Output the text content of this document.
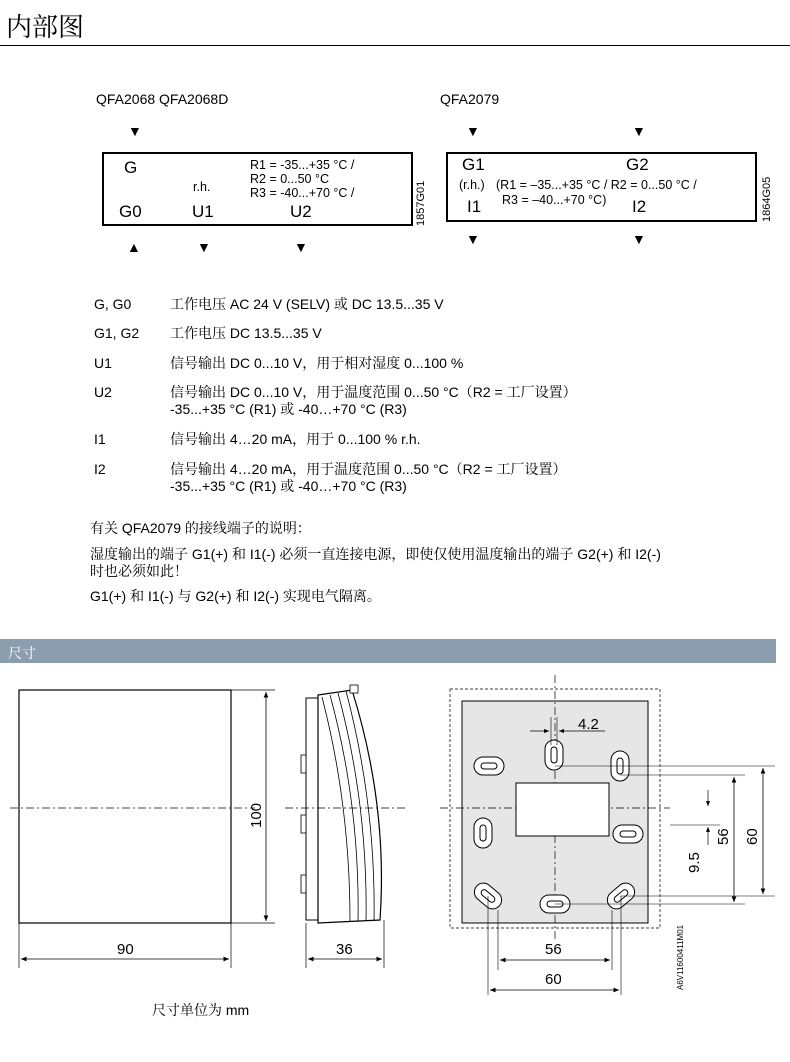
内部图
QFA2068 QFA2068D
▼
G
r.h.
R1 = -35...+35 °C /
R2 = 0...50 °C
R3 = -40...+70 °C /
G0	U1	U2	1857G01
▲	▼	▼
QFA2079
▼	▼
G1	G2
(r.h.) (R1 = –35...+35 °C / R2 = 0...50 °C /
R3 = –40...+70 °C)
I1	I2	1864G05
▼	▼
G, G0	工作电压 AC 24 V (SELV) 或 DC 13.5...35 V
G1, G2 工作电压 DC 13.5...35 V
U1	信号输出 DC 0...10 V，用于相对湿度 0...100 %
U2	信号输出 DC 0...10 V，用于温度范围 0...50 °C（R2 = 工厂设置）
-35...+35 °C (R1) 或 -40…+70 °C (R3)
I1	信号输出 4…20 mA，用于 0...100 % r.h.
I2	信号输出 4…20 mA，用于温度范围 0...50 °C（R2 = 工厂设置）
-35...+35 °C (R1) 或 -40…+70 °C (R3)
有关 QFA2079 的接线端子的说明：
湿度输出的端子 G1(+) 和 I1(-) 必须一直连接电源，即使仅使用温度输出的端子 G2(+) 和 I2(-)
时也必须如此！
G1(+) 和 I1(-) 与 G2(+) 和 I2(-) 实现电气隔离。
尺寸
100
90	36
4.2
56 60
9.5
56
60	A6V11600411M01
尺寸单位为 mm
